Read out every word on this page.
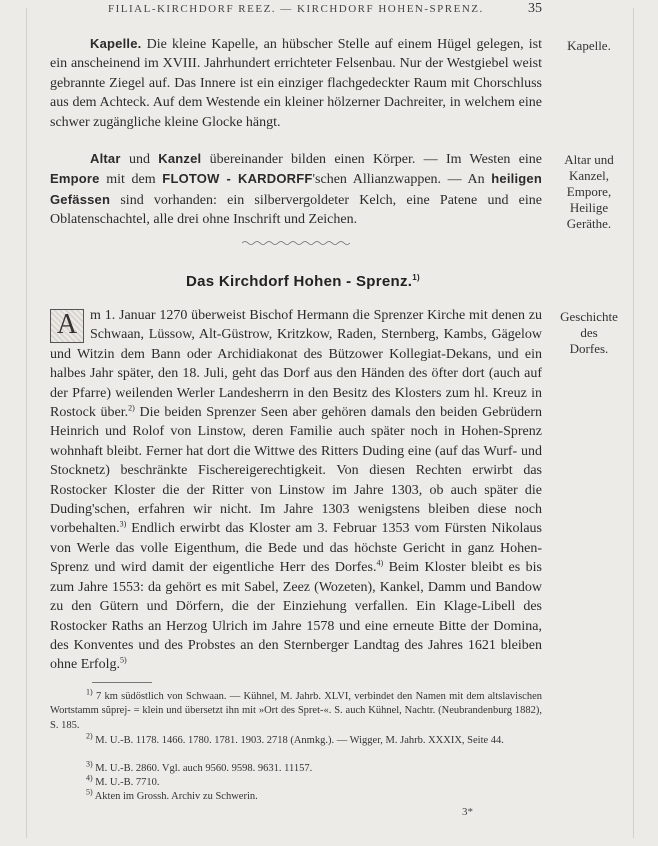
FILIAL-KIRCHDORF REEZ. — KIRCHDORF HOHEN-SPRENZ.	35
Kapelle. Die kleine Kapelle, an hübscher Stelle auf einem Hügel gelegen, ist ein anscheinend im XVIII. Jahrhundert errichteter Felsenbau. Nur der Westgiebel weist gebrannte Ziegel auf. Das Innere ist ein einziger flachgedeckter Raum mit Chorschluss aus dem Achteck. Auf dem Westende ein kleiner hölzerner Dachreiter, in welchem eine schwer zugängliche kleine Glocke hängt.
Kapelle.
Altar und Kanzel übereinander bilden einen Körper. — Im Westen eine Empore mit dem FLOTOW - KARDORFF'schen Allianzwappen. — An heiligen Gefässen sind vorhanden: ein silbervergoldeter Kelch, eine Patene und eine Oblatenschachtel, alle drei ohne Inschrift und Zeichen.
Altar und
Kanzel,
Empore,
Heilige
Geräthe.
Das Kirchdorf Hohen - Sprenz.$^{1)}$
A m 1. Januar 1270 überweist Bischof Hermann die Sprenzer Kirche mit denen zu Schwaan, Lüssow, Alt-Güstrow, Kritzkow, Raden, Sternberg, Kambs, Gägelow und Witzin dem Bann oder Archidiakonat des Bützower Kollegiat-Dekans, und ein halbes Jahr später, den 18. Juli, geht das Dorf aus den Händen des öfter dort (auch auf der Pfarre) weilenden Werler Landesherrn in den Besitz des Klosters zum hl. Kreuz in Rostock über.$^{2)}$ Die beiden Sprenzer Seen aber gehören damals den beiden Gebrüdern Heinrich und Rolof von Linstow, deren Familie auch später noch in Hohen-Sprenz wohnhaft bleibt. Ferner hat dort die Wittwe des Ritters Duding eine (auf das Wurf- und Stocknetz) beschränkte Fischereigerechtigkeit. Von diesen Rechten erwirbt das Rostocker Kloster die der Ritter von Linstow im Jahre 1303, ob auch später die Duding'schen, erfahren wir nicht. Im Jahre 1303 wenigstens bleiben diese noch vorbehalten.$^{3)}$ Endlich erwirbt das Kloster am 3. Februar 1353 vom Fürsten Nikolaus von Werle das volle Eigenthum, die Bede und das höchste Gericht in ganz Hohen-Sprenz und wird damit der eigentliche Herr des Dorfes.$^{4)}$ Beim Kloster bleibt es bis zum Jahre 1553: da gehört es mit Sabel, Zeez (Wozeten), Kankel, Damm und Bandow zu den Gütern und Dörfern, die der Einziehung verfallen. Ein Klage-Libell des Rostocker Raths an Herzog Ulrich im Jahre 1578 und eine erneute Bitte der Domina, des Konventes und des Probstes an den Sternberger Landtag des Jahres 1621 bleiben ohne Erfolg.$^{5)}$
Geschichte
des
Dorfes.
$^{1)}$ 7 km südöstlich von Schwaan. — Kühnel, M. Jahrb. XLVI, verbindet den Namen mit dem altslavischen Wortstamm sŭprej- = klein und übersetzt ihn mit »Ort des Spret-«. S. auch Kühnel, Nachtr. (Neubrandenburg 1882), S. 185.
$^{2)}$ M. U.-B. 1178. 1466. 1780. 1781. 1903. 2718 (Anmkg.). — Wigger, M. Jahrb. XXXIX, Seite 44.
$^{3)}$ M. U.-B. 2860. Vgl. auch 9560. 9598. 9631. 11157.
$^{4)}$ M. U.-B. 7710.
$^{5)}$ Akten im Grossh. Archiv zu Schwerin.
3*
